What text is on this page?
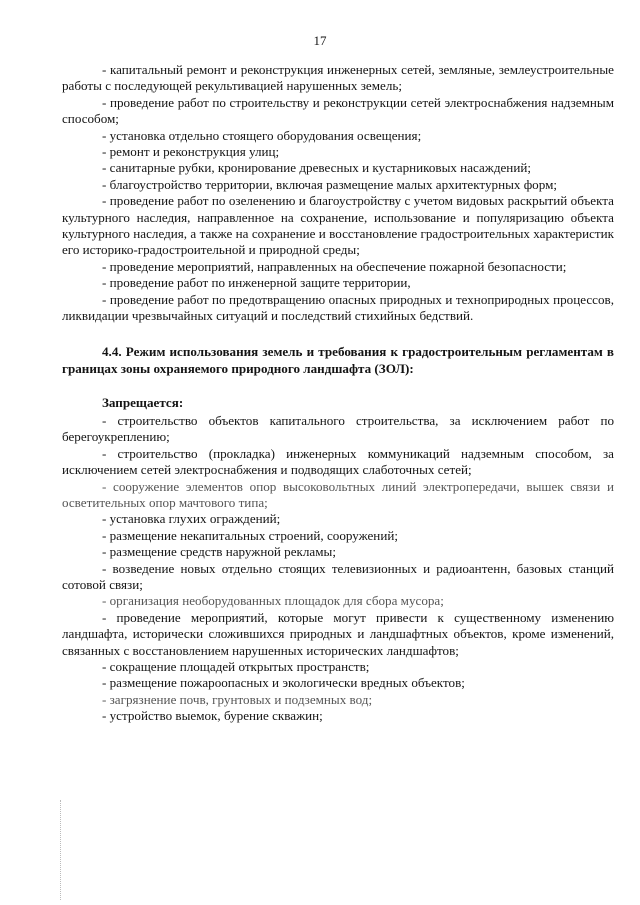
17

- капитальный ремонт и реконструкция инженерных сетей, земляные, землеустроительные работы с последующей рекультивацией нарушенных земель;

- проведение работ по строительству и реконструкции сетей электроснабжения надземным способом;

- установка отдельно стоящего оборудования освещения;

- ремонт и реконструкция улиц;

- санитарные рубки, кронирование древесных и кустарниковых насаждений;

- благоустройство территории, включая размещение малых архитектурных форм;

- проведение работ по озеленению и благоустройству с учетом видовых раскрытий объекта культурного наследия, направленное на сохранение, использование и популяризацию объекта культурного наследия, а также на сохранение и восстановление градостроительных характеристик его историко-градостроительной и природной среды;

- проведение мероприятий, направленных на обеспечение пожарной безопасности;

- проведение работ по инженерной защите территории,

- проведение работ по предотвращению опасных природных и техноприродных процессов, ликвидации чрезвычайных ситуаций и последствий стихийных бедствий.

4.4. Режим использования земель и требования к градостроительным регламентам в границах зоны охраняемого природного ландшафта (ЗОЛ):

Запрещается:

- строительство объектов капитального строительства, за исключением работ по берегоукреплению;

- строительство (прокладка) инженерных коммуникаций надземным способом, за исключением сетей электроснабжения и подводящих слаботочных сетей;

- сооружение элементов опор высоковольтных линий электропередачи, вышек связи и осветительных опор мачтового типа;

- установка глухих ограждений;

- размещение некапитальных строений, сооружений;

- размещение средств наружной рекламы;

- возведение новых отдельно стоящих телевизионных и радиоантенн, базовых станций сотовой связи;

- организация необорудованных площадок для сбора мусора;

- проведение мероприятий, которые могут привести к существенному изменению ландшафта, исторически сложившихся природных и ландшафтных объектов, кроме изменений, связанных с восстановлением нарушенных исторических ландшафтов;

- сокращение площадей открытых пространств;

- размещение пожароопасных и экологически вредных объектов;

- загрязнение почв, грунтовых и подземных вод;

- устройство выемок, бурение скважин;
